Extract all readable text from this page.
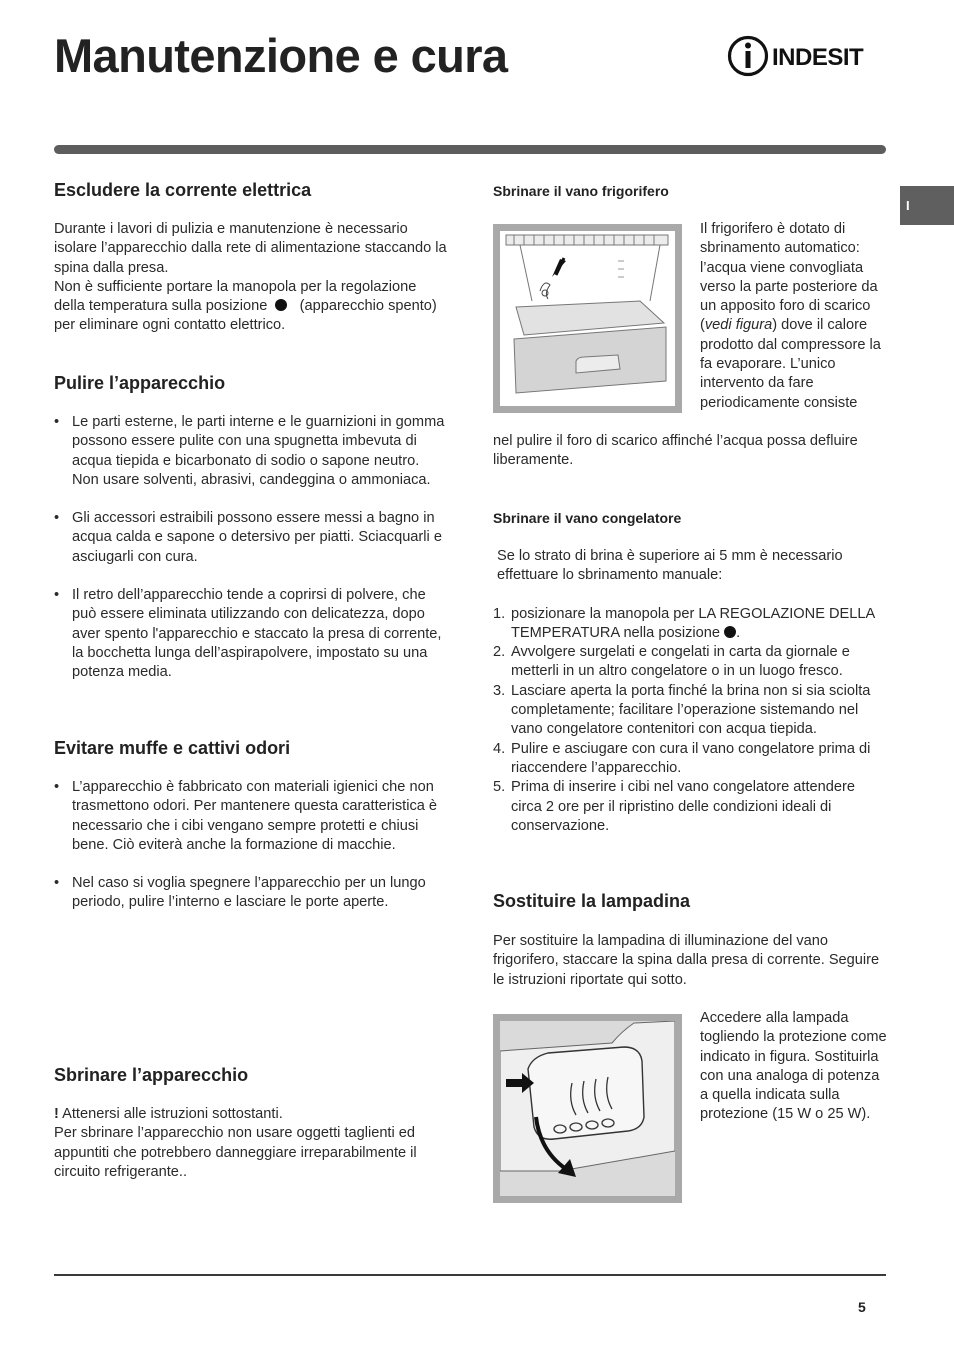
Manutenzione e cura	INDESIT
I
Escludere la corrente elettrica

Durante i lavori di pulizia e manutenzione è necessario isolare l’apparecchio dalla rete di alimentazione staccando la spina dalla presa.

Non è sufficiente portare la manopola per la regolazione della temperatura sulla posizione (apparecchio spento) per eliminare ogni contatto elettrico.

Pulire l’apparecchio
• Le parti esterne, le parti interne e le guarnizioni in gomma possono essere pulite con una spugnetta imbevuta di acqua tiepida e bicarbonato di sodio o sapone neutro. Non usare solventi, abrasivi, candeggina o ammoniaca.
• Gli accessori estraibili possono essere messi a bagno in acqua calda e sapone o detersivo per piatti. Sciacquarli e asciugarli con cura.
• Il retro dell’apparecchio tende a coprirsi di polvere, che può essere eliminata utilizzando con delicatezza, dopo aver spento l'apparecchio e staccato la presa di corrente, la bocchetta lunga dell’aspirapolvere, impostato su una potenza media.
Evitare muffe e cattivi odori
• L’apparecchio è fabbricato con materiali igienici che non trasmettono odori. Per mantenere questa caratteristica è necessario che i cibi vengano sempre protetti e chiusi bene. Ciò eviterà anche la formazione di macchie.
• Nel caso si voglia spegnere l’apparecchio per un lungo periodo, pulire l’interno e lasciare le porte aperte.
Sbrinare l’apparecchio

! Attenersi alle istruzioni sottostanti.

Per sbrinare l’apparecchio non usare oggetti taglienti ed appuntiti che potrebbero danneggiare irreparabilmente il circuito refrigerante..

Sbrinare il vano frigorifero
Il frigorifero è dotato di sbrinamento automatico: l’acqua viene convogliata verso la parte posteriore da un apposito foro di scarico (vedi figura) dove il calore prodotto dal compressore la fa evaporare. L’unico intervento da fare periodicamente consiste
nel pulire il foro di scarico affinché l’acqua possa defluire liberamente.
Sbrinare il vano congelatore

Se lo strato di brina è superiore ai 5 mm è necessario effettuare lo sbrinamento manuale:

1. posizionare la manopola per LA REGOLAZIONE DELLA TEMPERATURA nella posizione .
2. Avvolgere surgelati e congelati in carta da giornale e metterli in un altro congelatore o in un luogo fresco.
3. Lasciare aperta la porta finché la brina non si sia sciolta completamente; facilitare l’operazione sistemando nel vano congelatore contenitori con acqua tiepida.
4. Pulire e asciugare con cura il vano congelatore prima di riaccendere l’apparecchio.
5. Prima di inserire i cibi nel vano congelatore attendere circa 2 ore per il ripristino delle condizioni ideali di conservazione.
Sostituire la lampadina
Per sostituire la lampadina di illuminazione del vano frigorifero, staccare la spina dalla presa di corrente. Seguire le istruzioni riportate qui sotto.
Accedere alla lampada togliendo la protezione come indicato in figura. Sostituirla con una analoga di potenza a quella indicata sulla protezione (15 W o 25 W).
5
